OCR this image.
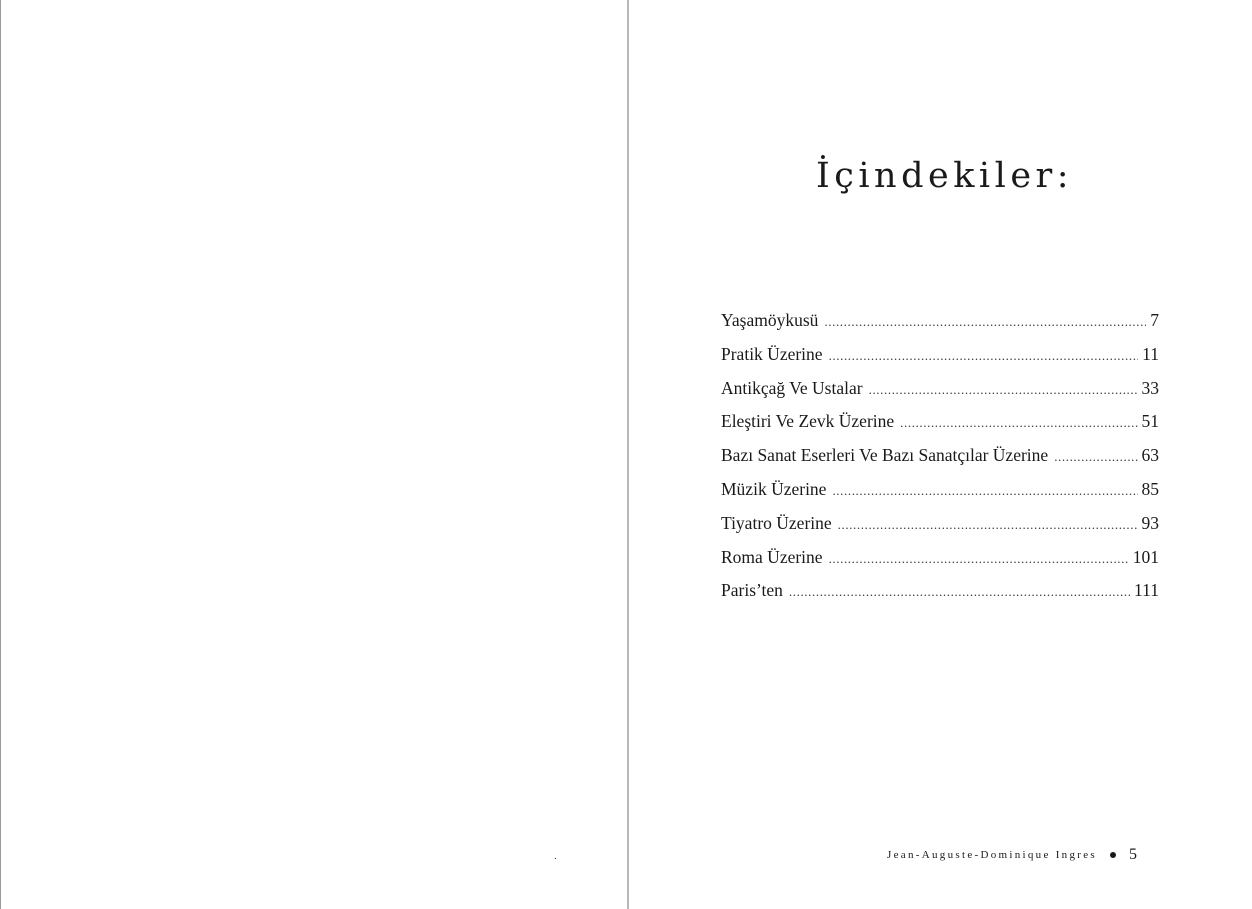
.
İçindekiler:
Yaşamöykusü .....	7
Pratik Üzerine .....	11
Antikçağ Ve Ustalar .....	33
Eleştiri Ve Zevk Üzerine .....	51
Bazı Sanat Eserleri Ve Bazı Sanatçılar Üzerine .....	63
Müzik Üzerine .....	85
Tiyatro Üzerine .....	93
Roma Üzerine .....	101
Paris’ten .....	111
Jean-Auguste-Dominique Ingres 5
